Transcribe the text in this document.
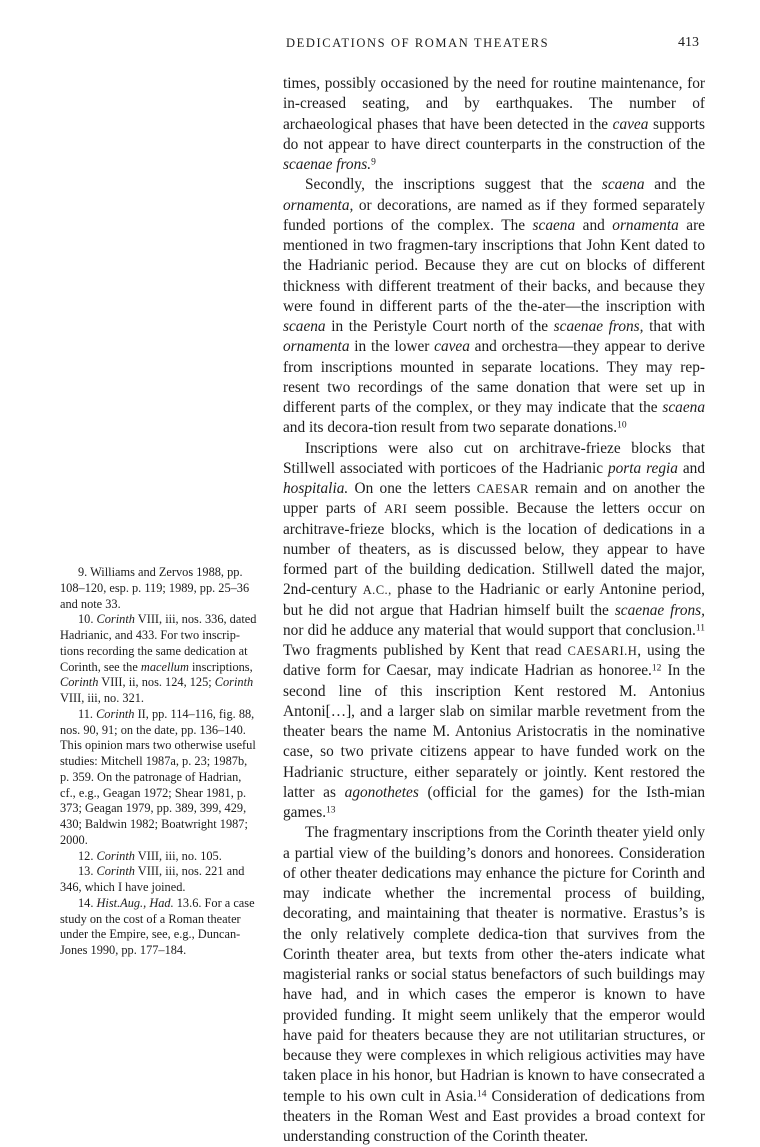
DEDICATIONS OF ROMAN THEATERS	413

times, possibly occasioned by the need for routine maintenance, for in-creased seating, and by earthquakes. The number of archaeological phases that have been detected in the cavea supports do not appear to have direct counterparts in the construction of the scaenae frons.$^9$

Secondly, the inscriptions suggest that the scaena and the ornamenta, or decorations, are named as if they formed separately funded portions of the complex. The scaena and ornamenta are mentioned in two fragmen-tary inscriptions that John Kent dated to the Hadrianic period. Because they are cut on blocks of different thickness with different treatment of their backs, and because they were found in different parts of the the-ater—the inscription with scaena in the Peristyle Court north of the scaenae frons, that with ornamenta in the lower cavea and orchestra—they appear to derive from inscriptions mounted in separate locations. They may rep-resent two recordings of the same donation that were set up in different parts of the complex, or they may indicate that the scaena and its decora-tion result from two separate donations.$^{10}$

Inscriptions were also cut on architrave-frieze blocks that Stillwell associated with porticoes of the Hadrianic porta regia and hospitalia. On one the letters CAESAR remain and on another the upper parts of ARI seem possible. Because the letters occur on architrave-frieze blocks, which is the location of dedications in a number of theaters, as is discussed below, they appear to have formed part of the building dedication. Stillwell dated the major, 2nd-century A.C., phase to the Hadrianic or early Antonine period, but he did not argue that Hadrian himself built the scaenae frons, nor did he adduce any material that would support that conclusion.$^{11}$ Two fragments published by Kent that read CAESARI.H, using the dative form for Caesar, may indicate Hadrian as honoree.$^{12}$ In the second line of this inscription Kent restored M. Antonius Antoni[…], and a larger slab on similar marble revetment from the theater bears the name M. Antonius Aristocratis in the nominative case, so two private citizens appear to have funded work on the Hadrianic structure, either separately or jointly. Kent restored the latter as agonothetes (official for the games) for the Isth-mian games.$^{13}$

The fragmentary inscriptions from the Corinth theater yield only a partial view of the building’s donors and honorees. Consideration of other theater dedications may enhance the picture for Corinth and may indicate whether the incremental process of building, decorating, and maintaining that theater is normative. Erastus’s is the only relatively complete dedica-tion that survives from the Corinth theater area, but texts from other the-aters indicate what magisterial ranks or social status benefactors of such buildings may have had, and in which cases the emperor is known to have provided funding. It might seem unlikely that the emperor would have paid for theaters because they are not utilitarian structures, or because they were complexes in which religious activities may have taken place in his honor, but Hadrian is known to have consecrated a temple to his own cult in Asia.$^{14}$ Consideration of dedications from theaters in the Roman West and East provides a broad context for understanding construction of the Corinth theater.

9. Williams and Zervos 1988, pp. 108–120, esp. p. 119; 1989, pp. 25–36 and note 33.

10. Corinth VIII, iii, nos. 336, dated Hadrianic, and 433. For two inscrip-tions recording the same dedication at Corinth, see the macellum inscriptions, Corinth VIII, ii, nos. 124, 125; Corinth VIII, iii, no. 321.

11. Corinth II, pp. 114–116, fig. 88, nos. 90, 91; on the date, pp. 136–140. This opinion mars two otherwise useful studies: Mitchell 1987a, p. 23; 1987b, p. 359. On the patronage of Hadrian, cf., e.g., Geagan 1972; Shear 1981, p. 373; Geagan 1979, pp. 389, 399, 429, 430; Baldwin 1982; Boatwright 1987; 2000.

12. Corinth VIII, iii, no. 105.

13. Corinth VIII, iii, nos. 221 and 346, which I have joined.

14. Hist.Aug., Had. 13.6. For a case study on the cost of a Roman theater under the Empire, see, e.g., Duncan-Jones 1990, pp. 177–184.
